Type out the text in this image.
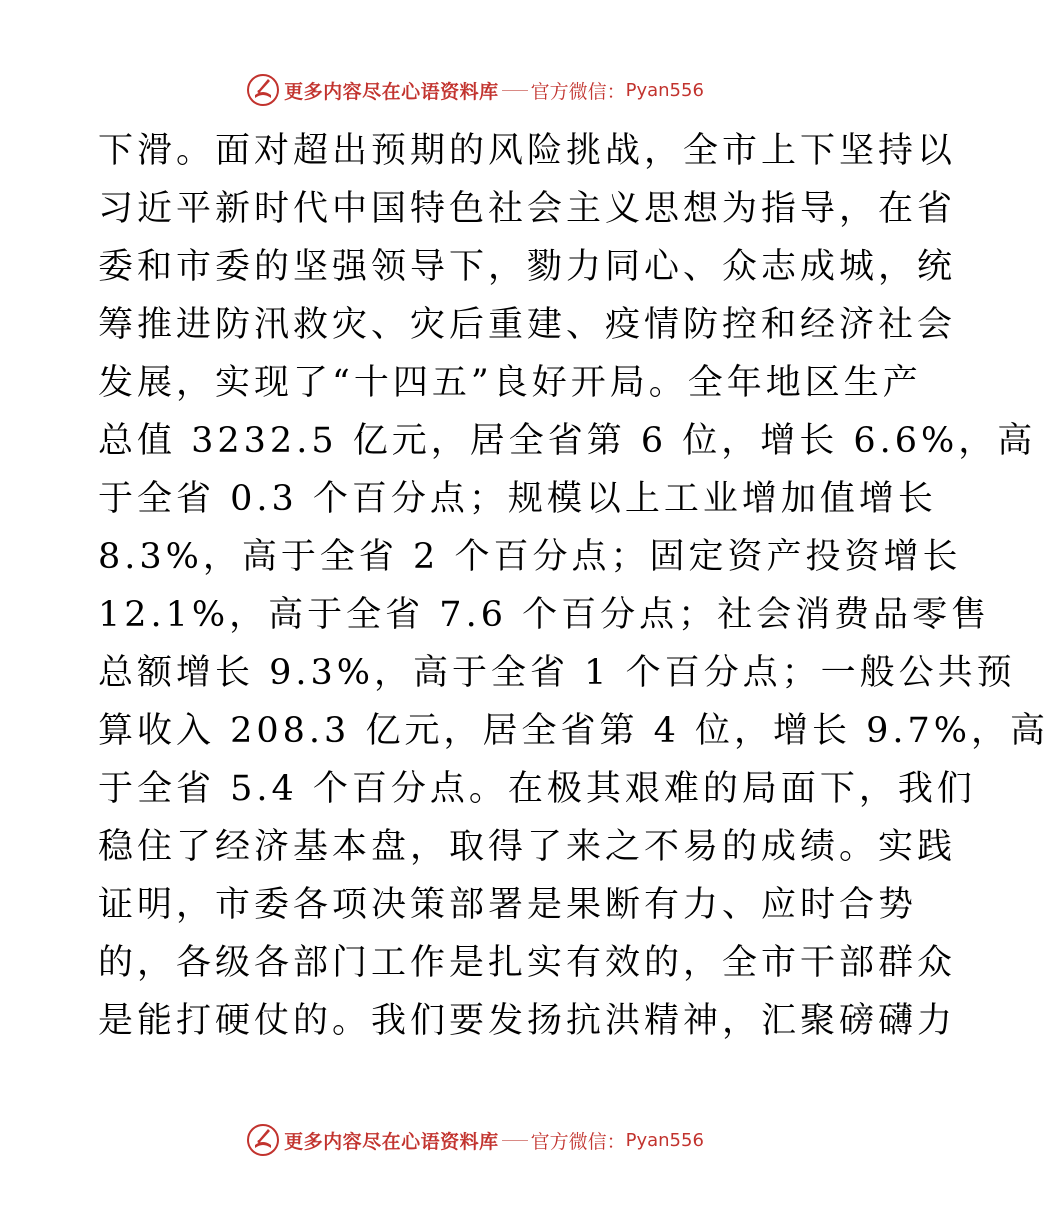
更多内容尽在心语资料库 官方微信： Pyan556
下滑。面对超出预期的风险挑战，全市上下坚持以
习近平新时代中国特色社会主义思想为指导，在省
委和市委的坚强领导下，勠力同心、众志成城，统
筹推进防汛救灾、灾后重建、疫情防控和经济社会
发展，实现了“十四五”良好开局。全年地区生产
总值 3232.5 亿元，居全省第 6 位，增长 6.6%，高
于全省 0.3 个百分点；规模以上工业增加值增长
8.3%，高于全省 2 个百分点；固定资产投资增长
12.1%，高于全省 7.6 个百分点；社会消费品零售
总额增长 9.3%，高于全省 1 个百分点；一般公共预
算收入 208.3 亿元，居全省第 4 位，增长 9.7%，高
于全省 5.4 个百分点。在极其艰难的局面下，我们
稳住了经济基本盘，取得了来之不易的成绩。实践
证明，市委各项决策部署是果断有力、应时合势
的，各级各部门工作是扎实有效的，全市干部群众
是能打硬仗的。我们要发扬抗洪精神，汇聚磅礴力
更多内容尽在心语资料库 官方微信： Pyan556
